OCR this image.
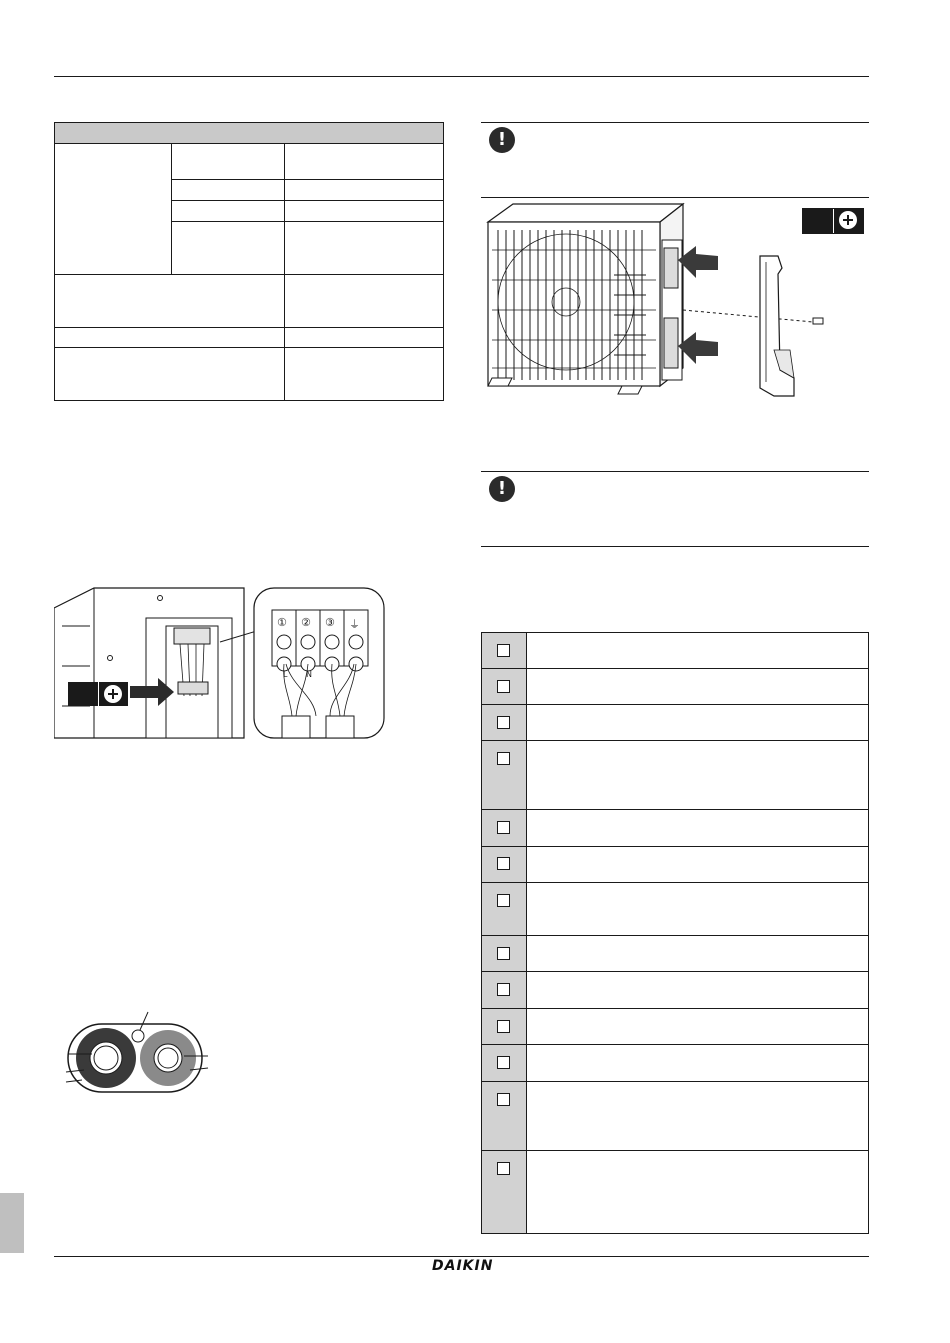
!
!
① ② ③ ⏚
L N
DAIKIN
